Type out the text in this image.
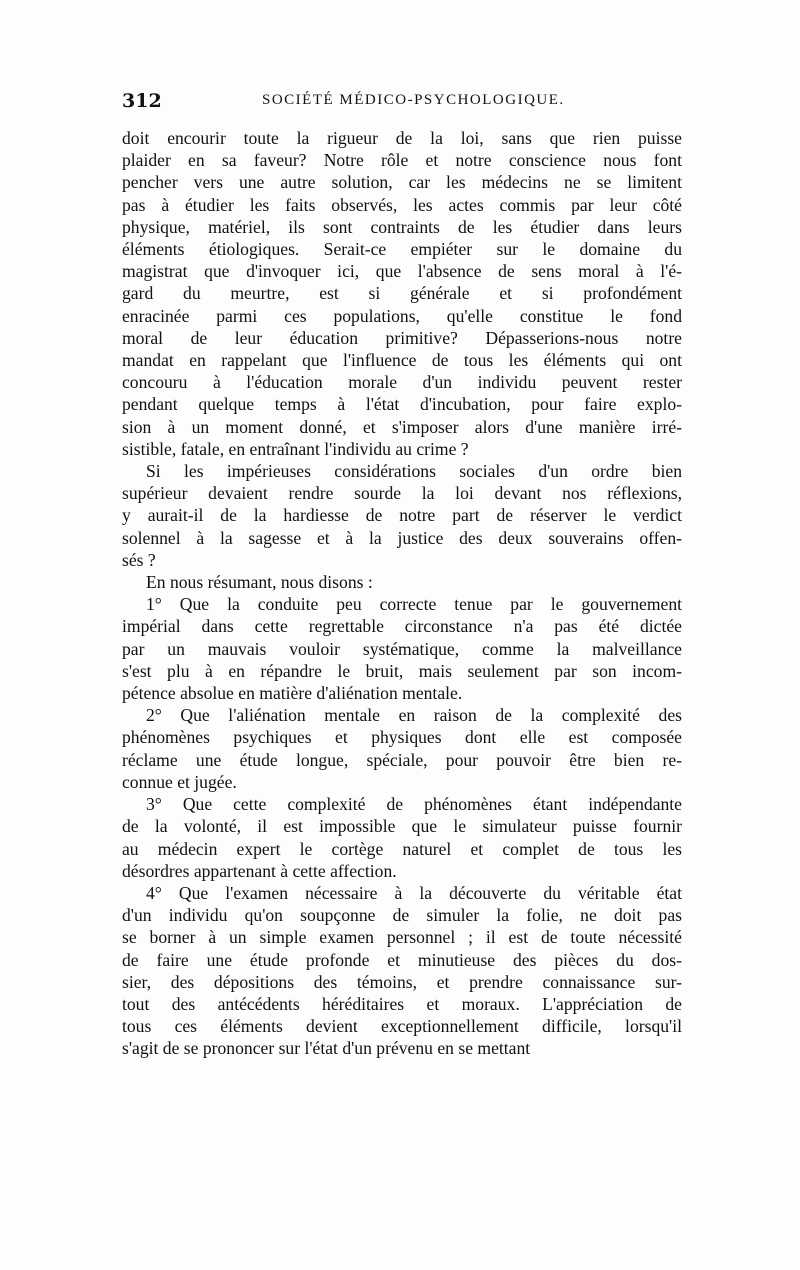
312	SOCIÉTÉ MÉDICO-PSYCHOLOGIQUE.
doit encourir toute la rigueur de la loi, sans que rien puisse
plaider en sa faveur? Notre rôle et notre conscience nous font
pencher vers une autre solution, car les médecins ne se limitent
pas à étudier les faits observés, les actes commis par leur côté
physique, matériel, ils sont contraints de les étudier dans leurs
éléments étiologiques. Serait-ce empiéter sur le domaine du
magistrat que d'invoquer ici, que l'absence de sens moral à l'é-
gard du meurtre, est si générale et si profondément
enracinée parmi ces populations, qu'elle constitue le fond
moral de leur éducation primitive? Dépasserions-nous notre
mandat en rappelant que l'influence de tous les éléments qui ont
concouru à l'éducation morale d'un individu peuvent rester
pendant quelque temps à l'état d'incubation, pour faire explo-
sion à un moment donné, et s'imposer alors d'une manière irré-
sistible, fatale, en entraînant l'individu au crime ?
Si les impérieuses considérations sociales d'un ordre bien
supérieur devaient rendre sourde la loi devant nos réflexions,
y aurait-il de la hardiesse de notre part de réserver le verdict
solennel à la sagesse et à la justice des deux souverains offen-
sés ?
En nous résumant, nous disons :
1° Que la conduite peu correcte tenue par le gouvernement
impérial dans cette regrettable circonstance n'a pas été dictée
par un mauvais vouloir systématique, comme la malveillance
s'est plu à en répandre le bruit, mais seulement par son incom-
pétence absolue en matière d'aliénation mentale.
2° Que l'aliénation mentale en raison de la complexité des
phénomènes psychiques et physiques dont elle est composée
réclame une étude longue, spéciale, pour pouvoir être bien re-
connue et jugée.
3° Que cette complexité de phénomènes étant indépendante
de la volonté, il est impossible que le simulateur puisse fournir
au médecin expert le cortège naturel et complet de tous les
désordres appartenant à cette affection.
4° Que l'examen nécessaire à la découverte du véritable état
d'un individu qu'on soupçonne de simuler la folie, ne doit pas
se borner à un simple examen personnel ; il est de toute nécessité
de faire une étude profonde et minutieuse des pièces du dos-
sier, des dépositions des témoins, et prendre connaissance sur-
tout des antécédents héréditaires et moraux. L'appréciation de
tous ces éléments devient exceptionnellement difficile, lorsqu'il
s'agit de se prononcer sur l'état d'un prévenu en se mettant
